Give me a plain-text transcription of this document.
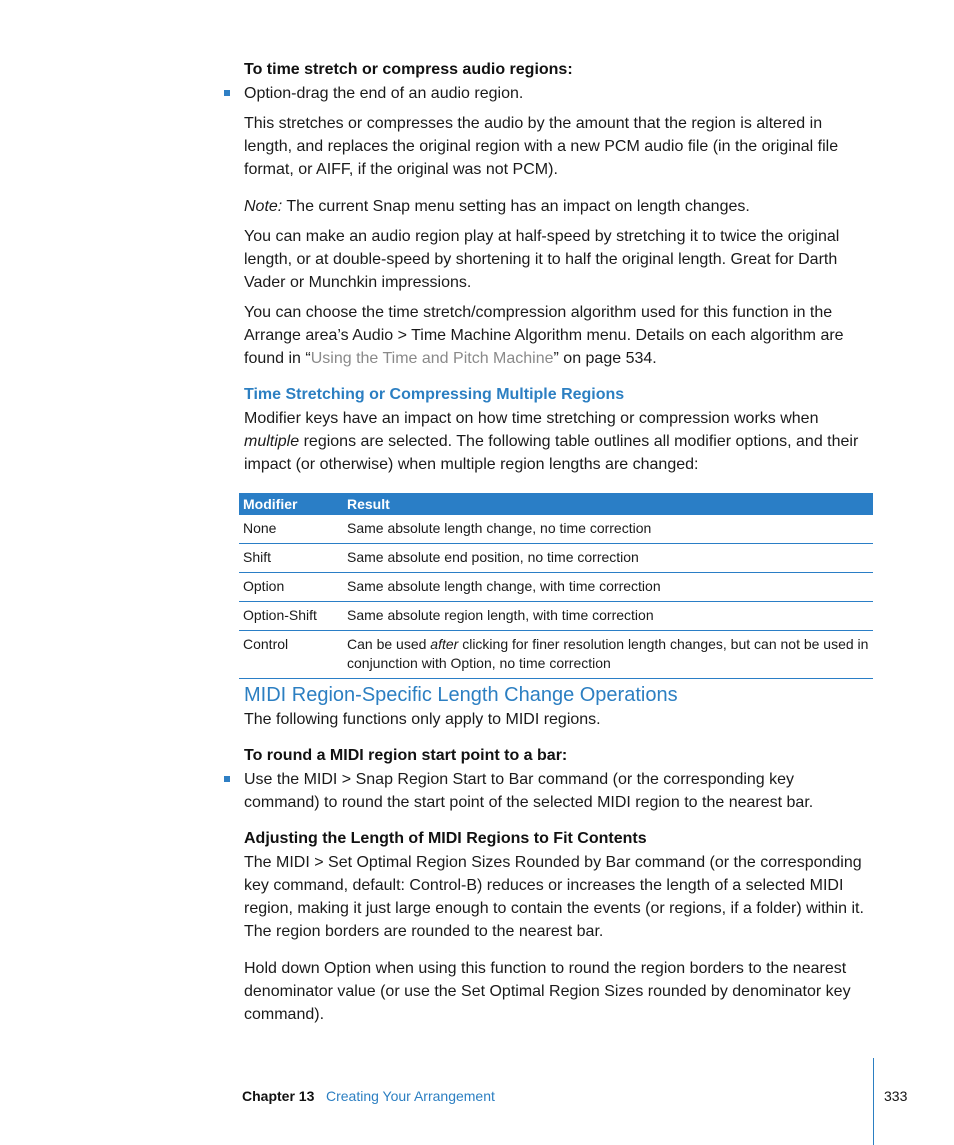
To time stretch or compress audio regions:
Option-drag the end of an audio region.
This stretches or compresses the audio by the amount that the region is altered in length, and replaces the original region with a new PCM audio file (in the original file format, or AIFF, if the original was not PCM).
Note: The current Snap menu setting has an impact on length changes.
You can make an audio region play at half-speed by stretching it to twice the original length, or at double-speed by shortening it to half the original length. Great for Darth Vader or Munchkin impressions.
You can choose the time stretch/compression algorithm used for this function in the Arrange area’s Audio > Time Machine Algorithm menu. Details on each algorithm are found in “Using the Time and Pitch Machine” on page 534.
Time Stretching or Compressing Multiple Regions
Modifier keys have an impact on how time stretching or compression works when multiple regions are selected. The following table outlines all modifier options, and their impact (or otherwise) when multiple region lengths are changed:
Modifier	Result
None	Same absolute length change, no time correction
Shift	Same absolute end position, no time correction
Option	Same absolute length change, with time correction
Option-Shift	Same absolute region length, with time correction
Control	Can be used after clicking for finer resolution length changes, but can not be used in conjunction with Option, no time correction
MIDI Region-Specific Length Change Operations
The following functions only apply to MIDI regions.
To round a MIDI region start point to a bar:
Use the MIDI > Snap Region Start to Bar command (or the corresponding key command) to round the start point of the selected MIDI region to the nearest bar.
Adjusting the Length of MIDI Regions to Fit Contents
The MIDI > Set Optimal Region Sizes Rounded by Bar command (or the corresponding key command, default: Control-B) reduces or increases the length of a selected MIDI region, making it just large enough to contain the events (or regions, if a folder) within it. The region borders are rounded to the nearest bar.
Hold down Option when using this function to round the region borders to the nearest denominator value (or use the Set Optimal Region Sizes rounded by denominator key command).
Chapter 13 Creating Your Arrangement	333
